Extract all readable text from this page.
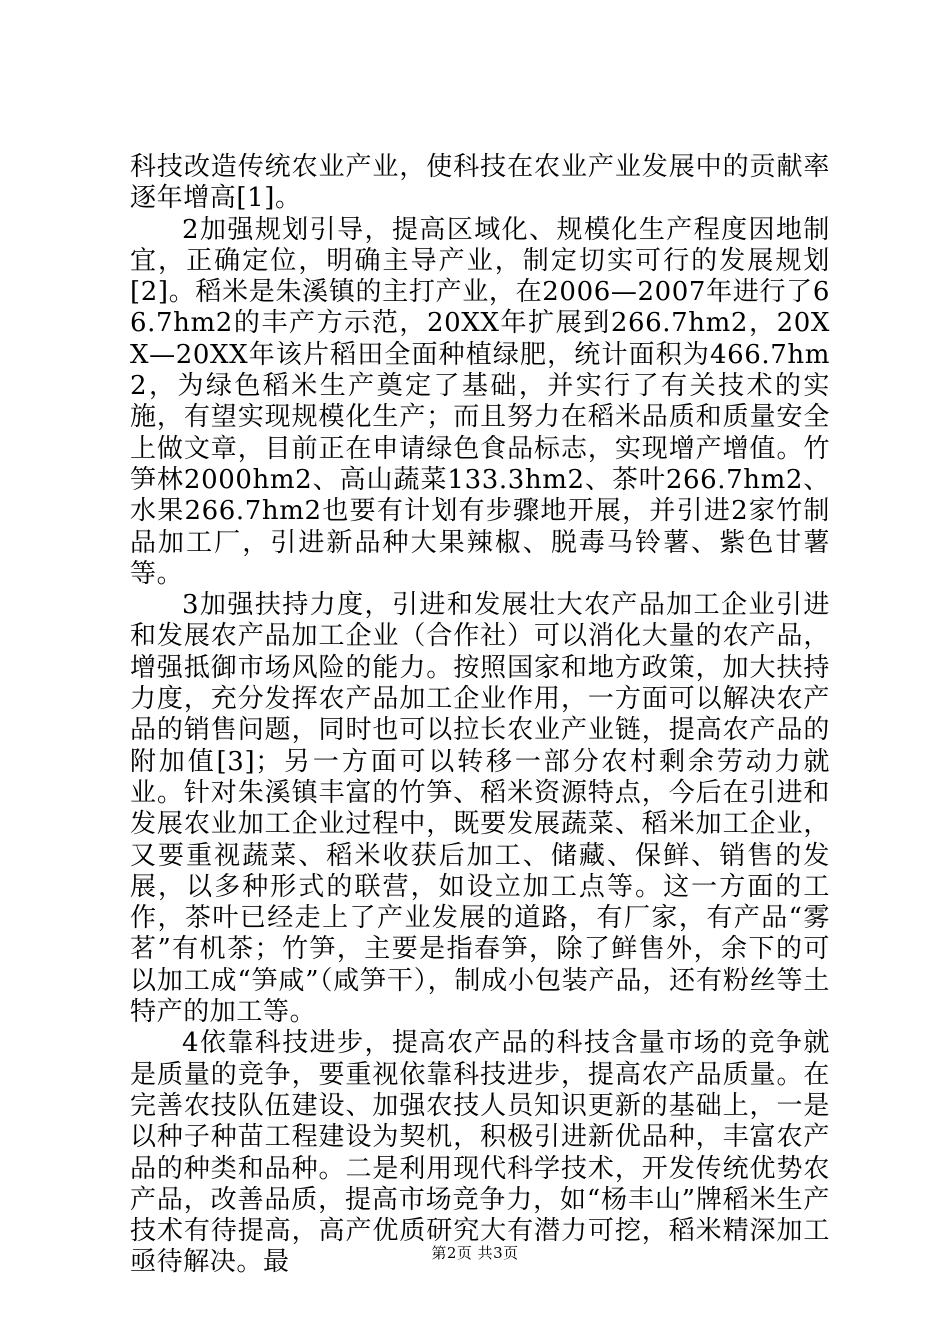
科技改造传统农业产业，使科技在农业产业发展中的贡献率逐年增高[1]。

2加强规划引导，提高区域化、规模化生产程度因地制宜，正确定位，明确主导产业，制定切实可行的发展规划[2]。稻米是朱溪镇的主打产业，在2006—2007年进行了66.7hm2的丰产方示范，20XX年扩展到266.7hm2，20XX—20XX年该片稻田全面种植绿肥，统计面积为466.7hm2，为绿色稻米生产奠定了基础，并实行了有关技术的实施，有望实现规模化生产；而且努力在稻米品质和质量安全上做文章，目前正在申请绿色食品标志，实现增产增值。竹笋林2000hm2、高山蔬菜133.3hm2、茶叶266.7hm2、水果266.7hm2也要有计划有步骤地开展，并引进2家竹制品加工厂，引进新品种大果辣椒、脱毒马铃薯、紫色甘薯等。

3加强扶持力度，引进和发展壮大农产品加工企业引进和发展农产品加工企业（合作社）可以消化大量的农产品，增强抵御市场风险的能力。按照国家和地方政策，加大扶持力度，充分发挥农产品加工企业作用，一方面可以解决农产品的销售问题，同时也可以拉长农业产业链，提高农产品的附加值[3]；另一方面可以转移一部分农村剩余劳动力就业。针对朱溪镇丰富的竹笋、稻米资源特点，今后在引进和发展农业加工企业过程中，既要发展蔬菜、稻米加工企业，又要重视蔬菜、稻米收获后加工、储藏、保鲜、销售的发展，以多种形式的联营，如设立加工点等。这一方面的工作，茶叶已经走上了产业发展的道路，有厂家，有产品“雾茗”有机茶；竹笋，主要是指春笋，除了鲜售外，余下的可以加工成“笋咸”（咸笋干），制成小包装产品，还有粉丝等土特产的加工等。

4依靠科技进步，提高农产品的科技含量市场的竞争就是质量的竞争，要重视依靠科技进步，提高农产品质量。在完善农技队伍建设、加强农技人员知识更新的基础上，一是以种子种苗工程建设为契机，积极引进新优品种，丰富农产品的种类和品种。二是利用现代科学技术，开发传统优势农产品，改善品质，提高市场竞争力，如“杨丰山”牌稻米生产技术有待提高，高产优质研究大有潜力可挖，稻米精深加工亟待解决。最	第2页 共3页
